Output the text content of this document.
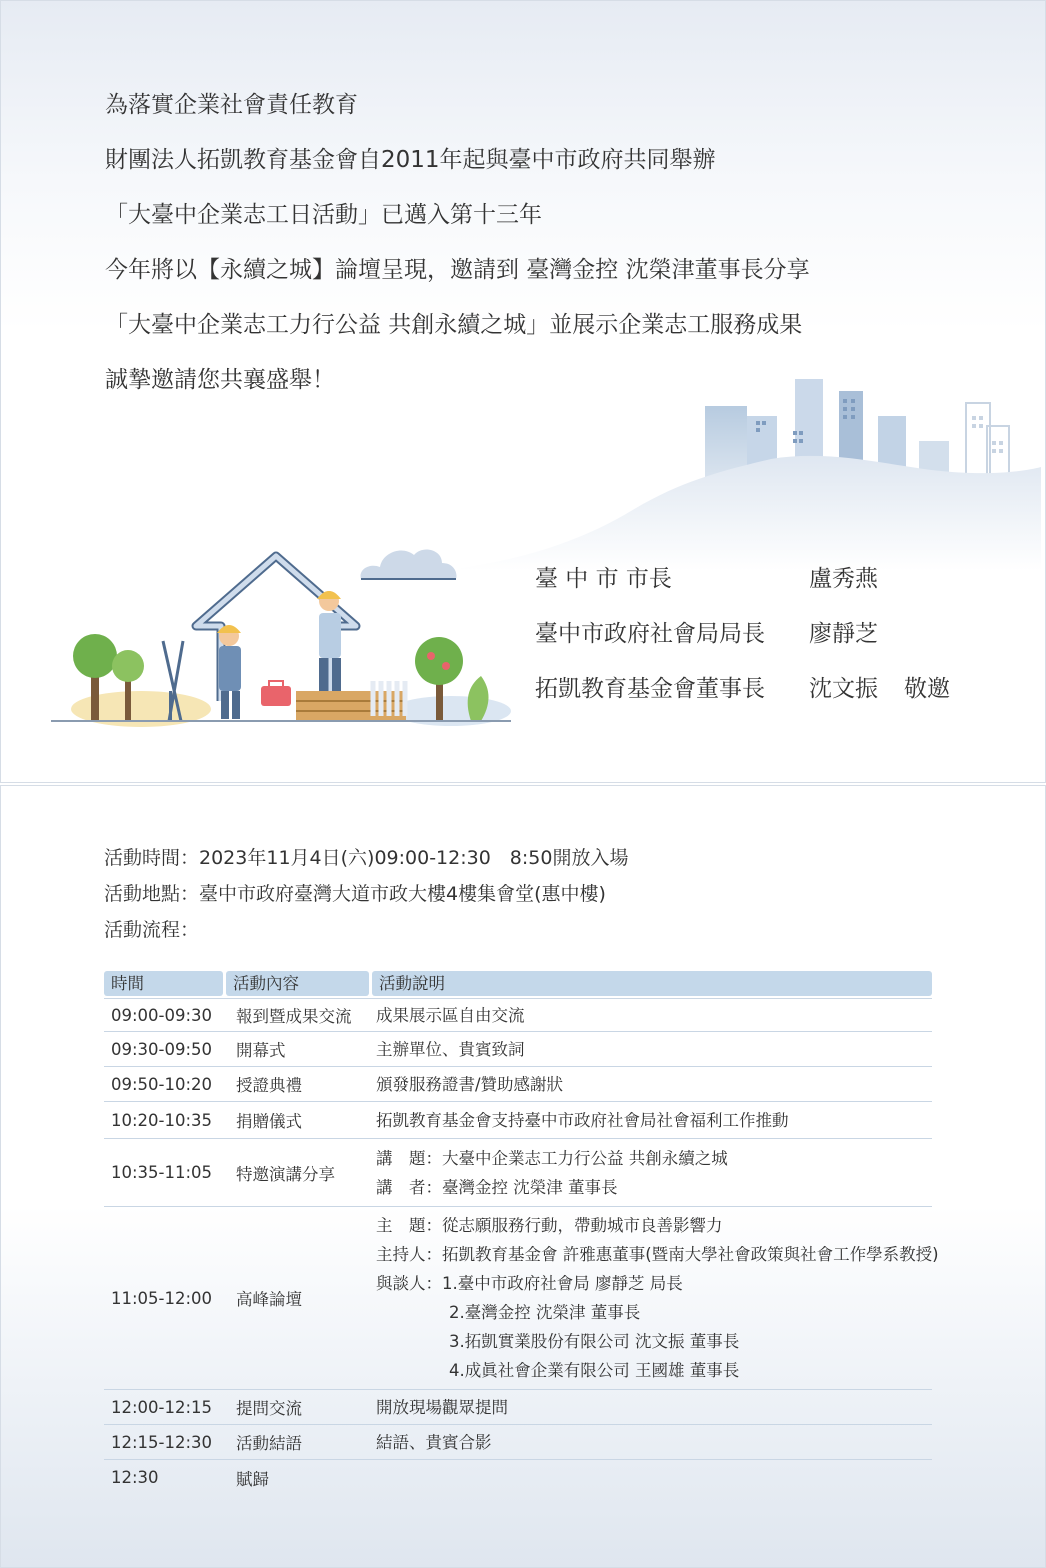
為落實企業社會責任教育
財團法人拓凱教育基金會自2011年起與臺中市政府共同舉辦
「大臺中企業志工日活動」已邁入第十三年
今年將以【永續之城】論壇呈現，邀請到 臺灣金控 沈榮津董事長分享
「大臺中企業志工力行公益 共創永續之城」並展示企業志工服務成果
誠摯邀請您共襄盛舉！
臺 中 市 市長	盧秀燕
臺中市政府社會局局長 廖靜芝
拓凱教育基金會董事長 沈文振 敬邀
活動時間：2023年11月4日(六)09:00-12:30　8:50開放入場
活動地點：臺中市政府臺灣大道市政大樓4樓集會堂(惠中樓)
活動流程：
時間	活動內容	活動說明
09:00-09:30	報到暨成果交流	成果展示區自由交流
09:30-09:50	開幕式	主辦單位、貴賓致詞
09:50-10:20	授證典禮	頒發服務證書/贊助感謝狀
10:20-10:35	捐贈儀式	拓凱教育基金會支持臺中市政府社會局社會福利工作推動
10:35-11:05	特邀演講分享
講　題：大臺中企業志工力行公益 共創永續之城
講　者：臺灣金控 沈榮津 董事長
11:05-12:00	高峰論壇
主　題：從志願服務行動，帶動城市良善影響力
主持人：拓凱教育基金會 許雅惠董事(暨南大學社會政策與社會工作學系教授)
與談人：1.臺中市政府社會局 廖靜芝 局長
2.臺灣金控 沈榮津 董事長
3.拓凱實業股份有限公司 沈文振 董事長
4.成眞社會企業有限公司 王國雄 董事長
12:00-12:15	提問交流	開放現場觀眾提問
12:15-12:30	活動結語	結語、貴賓合影
12:30	賦歸
